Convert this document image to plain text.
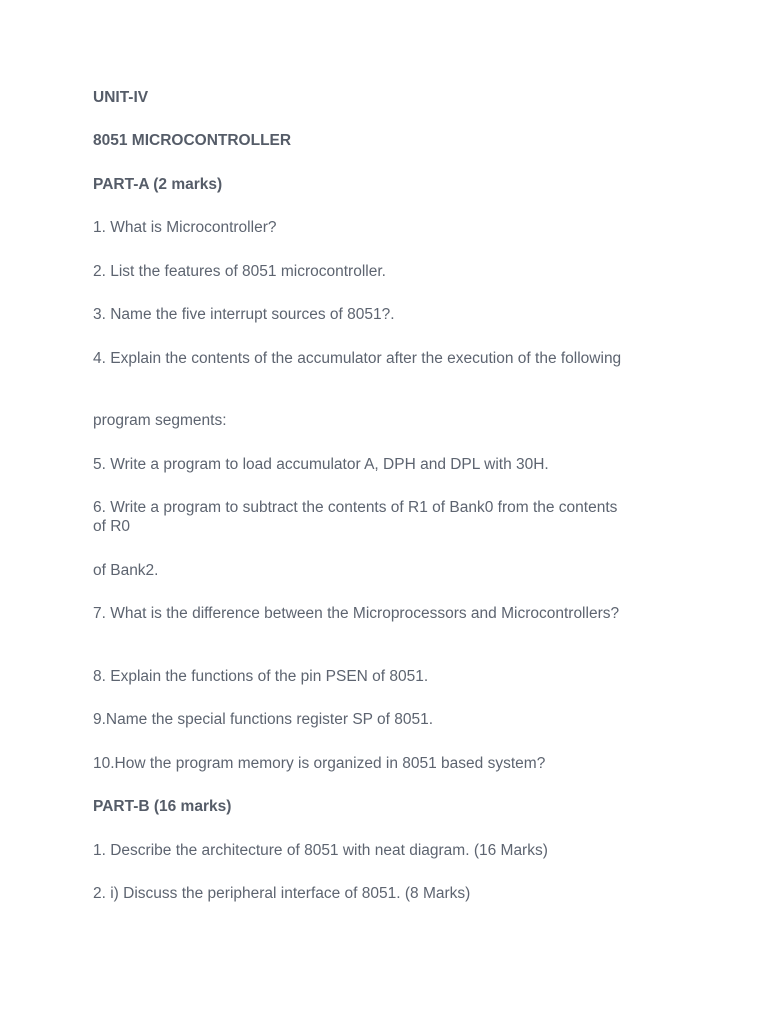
UNIT-IV

8051 MICROCONTROLLER

PART-A (2 marks)

1. What is Microcontroller?

2. List the features of 8051 microcontroller.

3. Name the five interrupt sources of 8051?.

4. Explain the contents of the accumulator after the execution of the following

program segments:

5. Write a program to load accumulator A, DPH and DPL with 30H.

6. Write a program to subtract the contents of R1 of Bank0 from the contents of R0

of Bank2.

7. What is the difference between the Microprocessors and Microcontrollers?

8. Explain the functions of the pin PSEN of 8051.

9.Name the special functions register SP of 8051.

10.How the program memory is organized in 8051 based system?

PART-B (16 marks)

1. Describe the architecture of 8051 with neat diagram. (16 Marks)

2. i) Discuss the peripheral interface of 8051. (8 Marks)
